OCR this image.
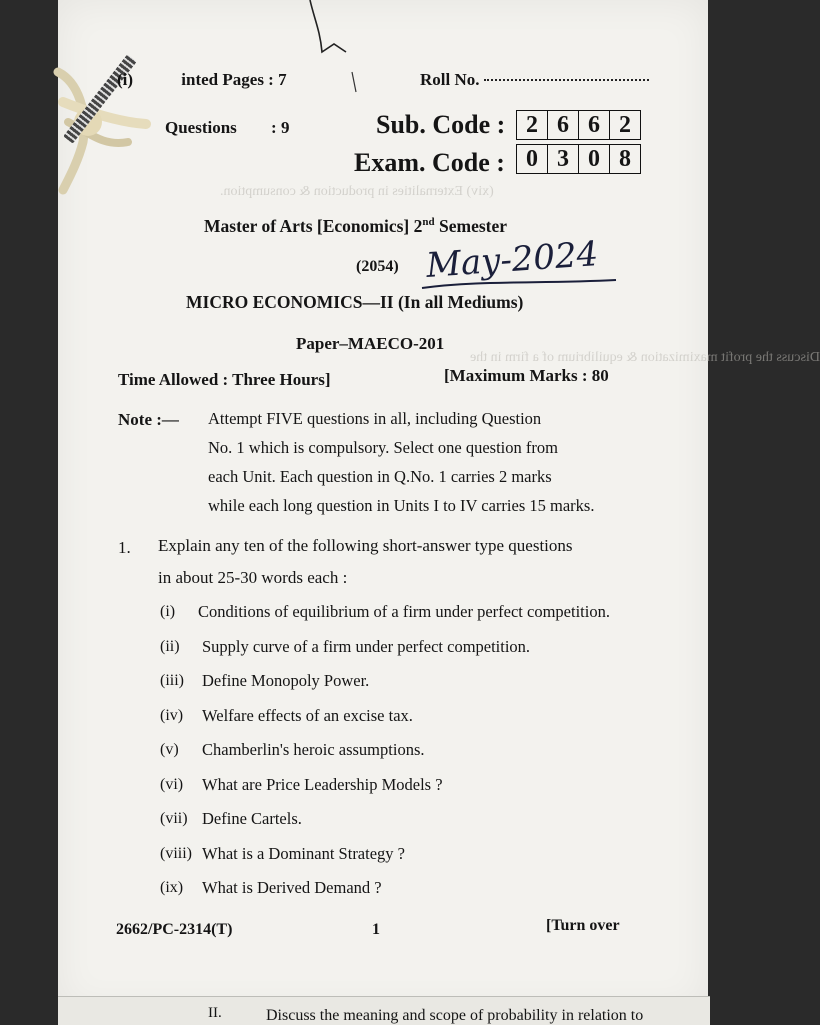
(i)	inted Pages : 7	Roll No.
Questions : 9	Sub. Code : 2 6 6 2
Exam. Code : 0 3 0 8
(xiv) Externalities in production & consumption.
Master of Arts [Economics] 2nd Semester
(2054) May-2024
MICRO ECONOMICS—II (In all Mediums)
Paper–MAECO-201
Discuss the profit maximization & equilibrium of a firm in the
Time Allowed : Three Hours]	[Maximum Marks : 80
Note :— Attempt FIVE questions in all, including Question
No. 1 which is compulsory. Select one question from
each Unit. Each question in Q.No. 1 carries 2 marks
while each long question in Units I to IV carries 15 marks.
1. Explain any ten of the following short-answer type questions
in about 25-30 words each :
(i) Conditions of equilibrium of a firm under perfect competition.
(ii) Supply curve of a firm under perfect competition.
(iii) Define Monopoly Power.
(iv) Welfare effects of an excise tax.
(v) Chamberlin's heroic assumptions.
(vi) What are Price Leadership Models ?
(vii) Define Cartels.
(viii) What is a Dominant Strategy ?
(ix) What is Derived Demand ?
2662/PC-2314(T)	1	[Turn over
II.	Discuss the meaning and scope of probability in relation to
